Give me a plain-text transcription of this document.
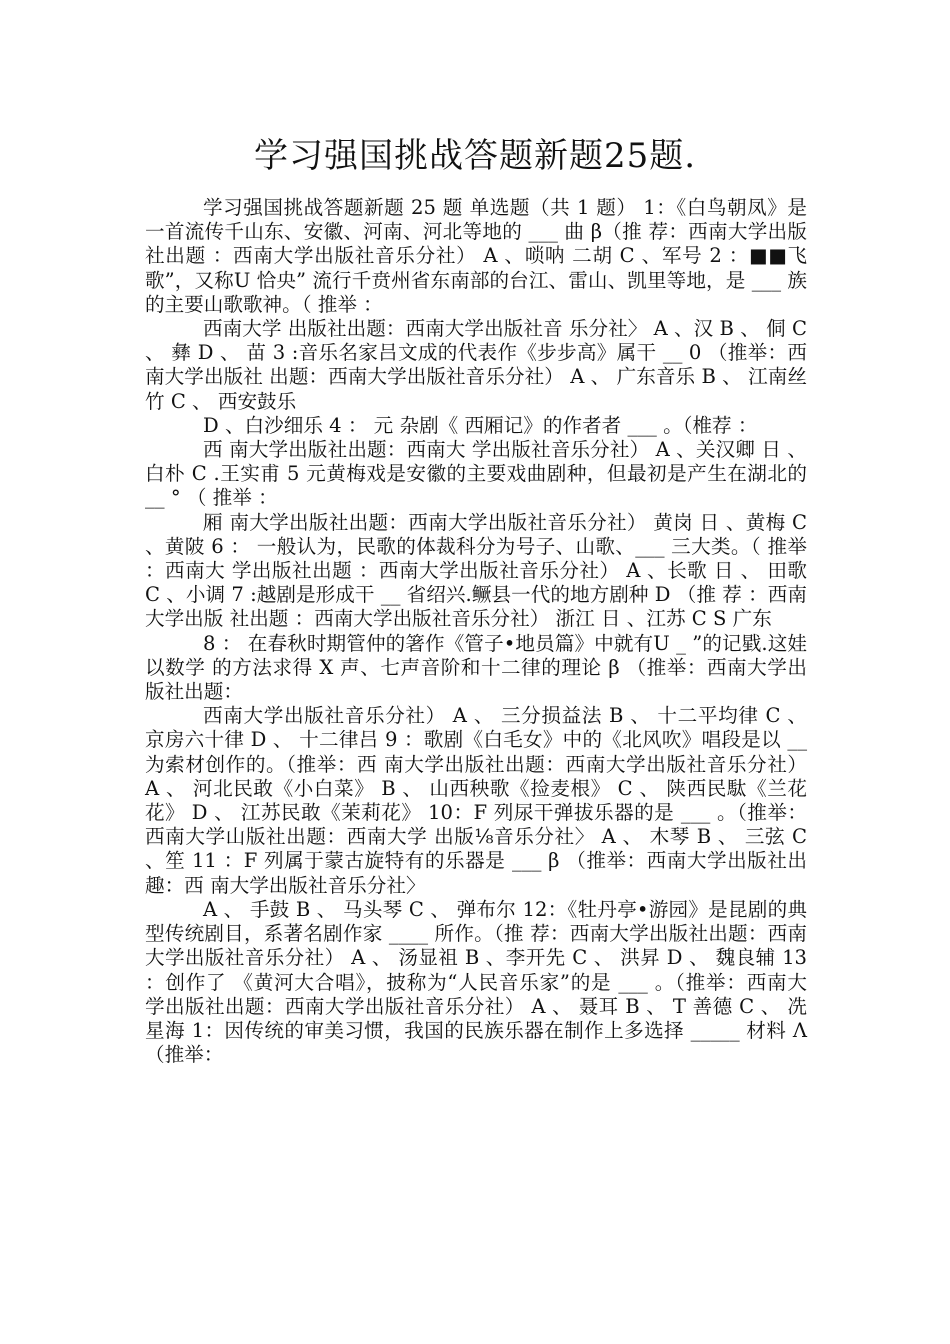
学习强国挑战答题新题25题.

学习强国挑战答题新题 25 题 单选题（共 1 题） 1：《白鸟朝凤》是一首流传千山东、安徽、河南、河北等地的 ___ 曲 β（推 荐：西南大学出版社出题 ：西南大学出版社音乐分社） A 、唢呐 二胡 C 、军号 2 ：■■飞歌”，又称U 恰央” 流行千贲州省东南部的台江、雷山、凯里等地，是 ___ 族的主要山歌歌神。（ 推举 ：

西南大学 出版社出题：西南大学出版社音 乐分社〉 A 、汉 B 、 侗 C 、 彝 D 、 苗 3 :音乐名家吕文成的代表作《步步高》属干 __ 0 （推举：西南大学出版社 出题：西南大学出版社音乐分社） A 、 广东音乐 B 、 江南丝竹 C 、 西安鼓乐

D 、白沙细乐 4 ： 元 杂剧《 西厢记》的作者者 ___ 。（椎荐 ：

西 南大学出版社出题：西南大 学出版社音乐分社） A 、关汉卿 日 、 白朴 C .王实甫 5 元黄梅戏是安徽的主要戏曲剧种，但最初是产生在湖北的 __ ° （ 推举 ：

厢 南大学出版社出题：西南大学出版社音乐分社） 黄岗 日 、黄梅 C 、黄陂 6 ： 一般认为，民歌的体裁科分为号子、山歌、___ 三大类。（ 推举 ：西南大 学出版社出题 ：西南大学出版社音乐分社） A 、长歌 日 、 田歌 C 、小调 7 :越剧是形成干 __ 省绍兴.鳜县一代的地方剧种 D （推 荐 ：西南大学出版 社出题 ：西南大学出版社音乐分社） 浙江 日 、江苏 C S 广东

8 ： 在春秋时期管仲的箸作《管子•地员篇》中就有U _ ”的记戥.这娃以数学 的方法求得 X 声、七声音阶和十二律的理论 β （推举：西南大学出版社出题：

西南大学出版社音乐分社） A 、 三分损益法 B 、 十二平均律 C 、 京房六十律 D 、 十二律吕 9 ：歌剧《白毛女》中的《北风吹》唱段是以 __ 为索材创作的。（推举：西 南大学出版社出题：西南大学出版社音乐分社） A 、 河北民敢《小白菜》 B 、 山西秧歌《捡麦根》 C 、 陕西民駄《兰花花》 D 、 江苏民敢《茉莉花》 10：F 列尿干弹拔乐器的是 ___ 。（推举：西南大学山版社出题：西南大学 出版⅛音乐分社〉 A 、 木琴 B 、 三弦 C 、笙 11 ：F 列属于蒙古旋特有的乐器是 ___ β （推举：西南大学出版社出趣：西 南大学出版社音乐分社〉

A 、 手鼓 B 、 马头琴 C 、 弹布尔 12：《牡丹亭•游园》是昆剧的典型传统剧目，系著名剧作家 ____ 所作。（推 荐：西南大学出版社出题：西南大学出版社音乐分社） A 、 汤显祖 B 、李开先 C 、 洪昇 D 、 魏良辅 13 ：创作了 《黄河大合唱》，披称为“人民音乐家”的是 ___ 。（推举：西南大 学出版社出题：西南大学出版社音乐分社） A 、 聂耳 B 、 T 善德 C 、 冼星海 1：因传统的审美习惯，我国的民族乐器在制作上多选择 _____ 材料 Λ （推举：
